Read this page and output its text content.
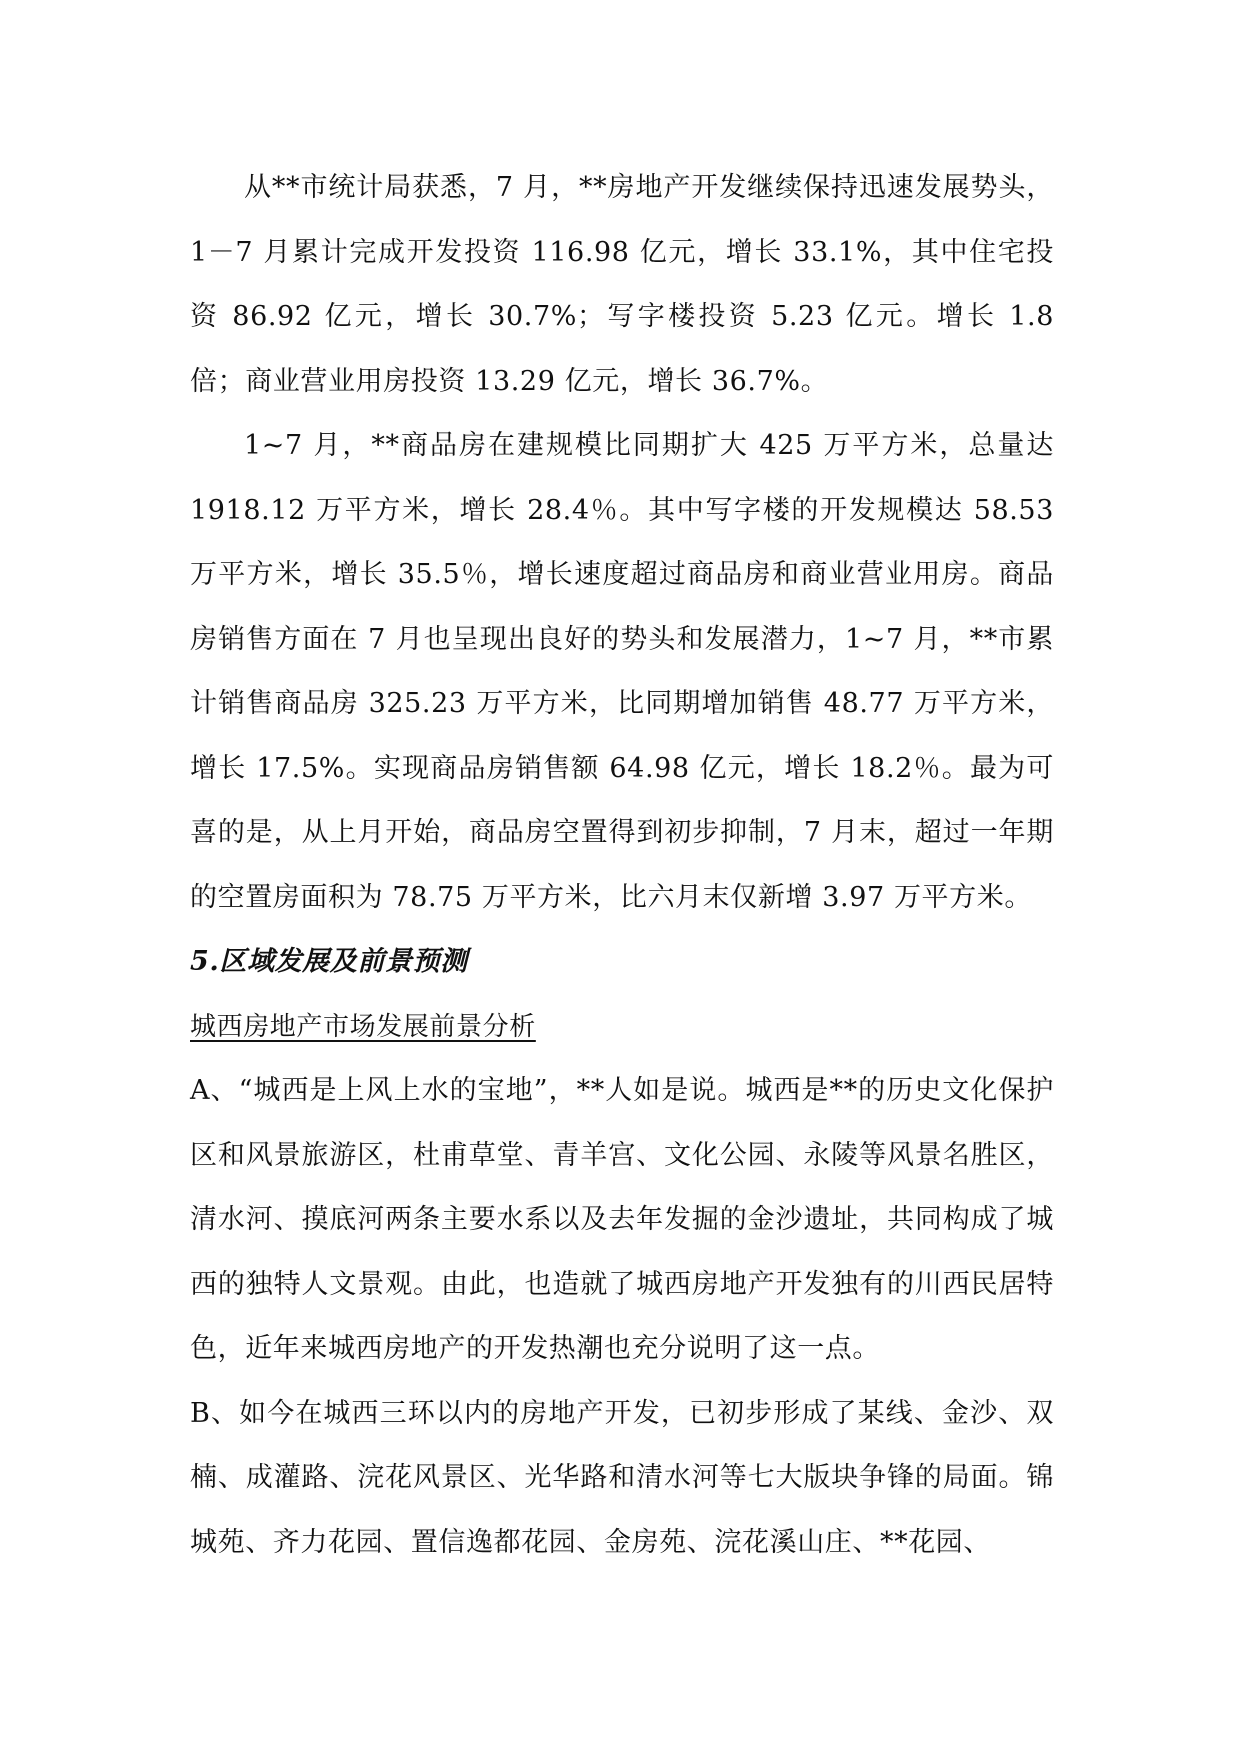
从**市统计局获悉，7 月，**房地产开发继续保持迅速发展势头，1－7 月累计完成开发投资 116.98 亿元，增长 33.1%，其中住宅投资 86.92 亿元，增长 30.7%；写字楼投资 5.23 亿元。增长 1.8 倍；商业营业用房投资 13.29 亿元，增长 36.7%。

1~7 月，**商品房在建规模比同期扩大 425 万平方米，总量达 1918.12 万平方米，增长 28.4％。其中写字楼的开发规模达 58.53 万平方米，增长 35.5％，增长速度超过商品房和商业营业用房。商品房销售方面在 7 月也呈现出良好的势头和发展潜力，1~7 月，**市累计销售商品房 325.23 万平方米，比同期增加销售 48.77 万平方米，增长 17.5%。实现商品房销售额 64.98 亿元，增长 18.2％。最为可喜的是，从上月开始，商品房空置得到初步抑制，7 月末，超过一年期的空置房面积为 78.75 万平方米，比六月末仅新增 3.97 万平方米。

5.区域发展及前景预测

城西房地产市场发展前景分析

A、“城西是上风上水的宝地”，**人如是说。城西是**的历史文化保护区和风景旅游区，杜甫草堂、青羊宫、文化公园、永陵等风景名胜区，清水河、摸底河两条主要水系以及去年发掘的金沙遗址，共同构成了城西的独特人文景观。由此，也造就了城西房地产开发独有的川西民居特色，近年来城西房地产的开发热潮也充分说明了这一点。

B、如今在城西三环以内的房地产开发，已初步形成了某线、金沙、双楠、成灌路、浣花风景区、光华路和清水河等七大版块争锋的局面。锦城苑、齐力花园、置信逸都花园、金房苑、浣花溪山庄、**花园、
